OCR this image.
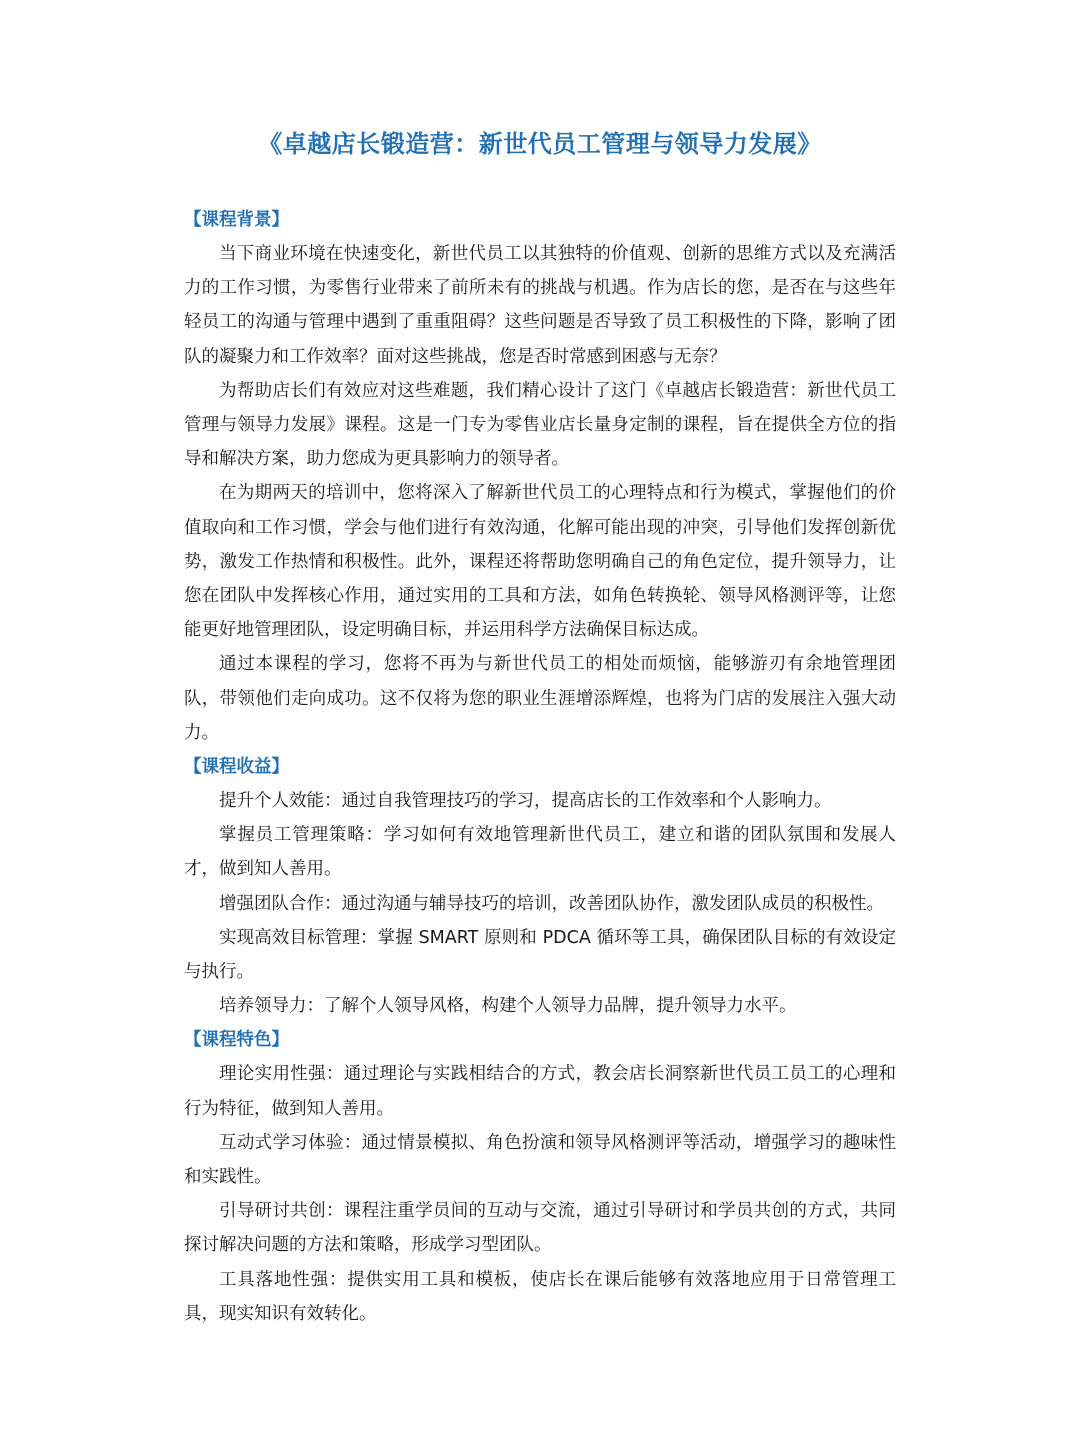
《卓越店长锻造营：新世代员工管理与领导力发展》
【课程背景】

当下商业环境在快速变化，新世代员工以其独特的价值观、创新的思维方式以及充满活力的工作习惯，为零售行业带来了前所未有的挑战与机遇。作为店长的您，是否在与这些年轻员工的沟通与管理中遇到了重重阻碍？这些问题是否导致了员工积极性的下降，影响了团队的凝聚力和工作效率？面对这些挑战，您是否时常感到困惑与无奈？

为帮助店长们有效应对这些难题，我们精心设计了这门《卓越店长锻造营：新世代员工管理与领导力发展》课程。这是一门专为零售业店长量身定制的课程，旨在提供全方位的指导和解决方案，助力您成为更具影响力的领导者。

在为期两天的培训中，您将深入了解新世代员工的心理特点和行为模式，掌握他们的价值取向和工作习惯，学会与他们进行有效沟通，化解可能出现的冲突，引导他们发挥创新优势，激发工作热情和积极性。此外，课程还将帮助您明确自己的角色定位，提升领导力，让您在团队中发挥核心作用，通过实用的工具和方法，如角色转换轮、领导风格测评等，让您能更好地管理团队，设定明确目标，并运用科学方法确保目标达成。

通过本课程的学习，您将不再为与新世代员工的相处而烦恼，能够游刃有余地管理团队，带领他们走向成功。这不仅将为您的职业生涯增添辉煌，也将为门店的发展注入强大动力。

【课程收益】

提升个人效能：通过自我管理技巧的学习，提高店长的工作效率和个人影响力。

掌握员工管理策略：学习如何有效地管理新世代员工，建立和谐的团队氛围和发展人才，做到知人善用。

增强团队合作：通过沟通与辅导技巧的培训，改善团队协作，激发团队成员的积极性。

实现高效目标管理：掌握 SMART 原则和 PDCA 循环等工具，确保团队目标的有效设定与执行。

培养领导力：了解个人领导风格，构建个人领导力品牌，提升领导力水平。

【课程特色】

理论实用性强：通过理论与实践相结合的方式，教会店长洞察新世代员工员工的心理和行为特征，做到知人善用。

互动式学习体验：通过情景模拟、角色扮演和领导风格测评等活动，增强学习的趣味性和实践性。

引导研讨共创：课程注重学员间的互动与交流，通过引导研讨和学员共创的方式，共同探讨解决问题的方法和策略，形成学习型团队。

工具落地性强：提供实用工具和模板，使店长在课后能够有效落地应用于日常管理工具，现实知识有效转化。
